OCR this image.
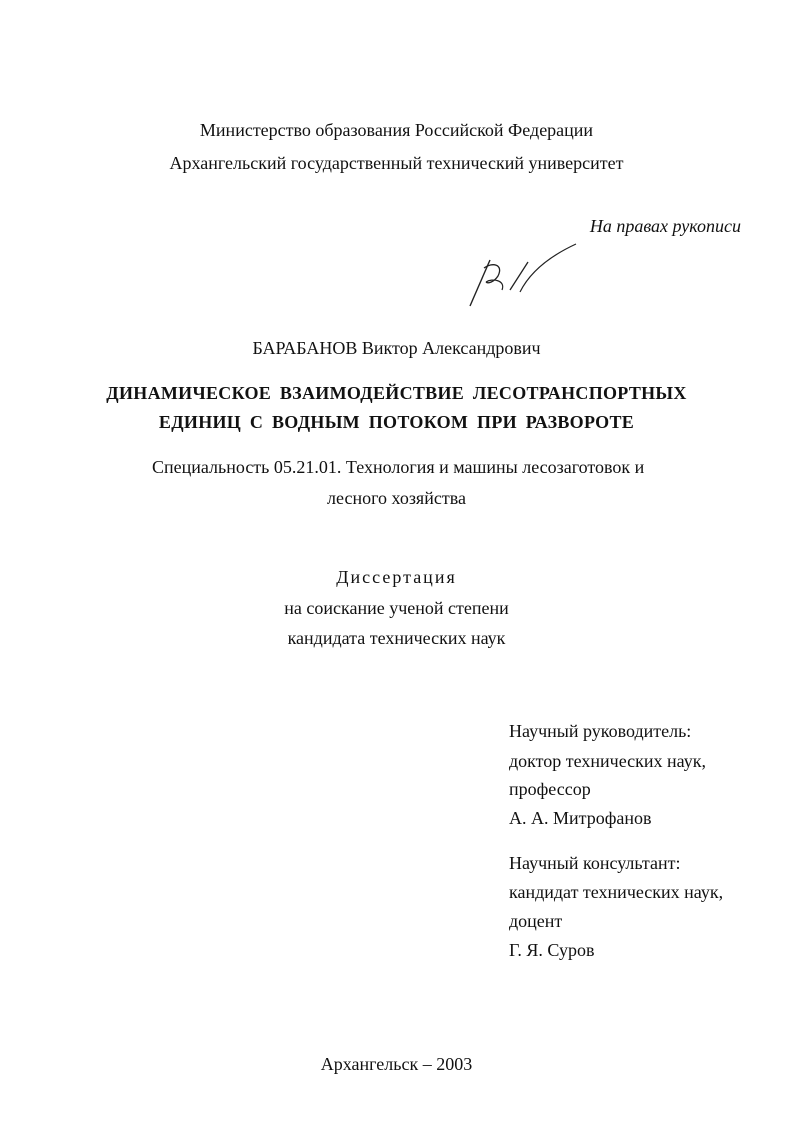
Министерство образования Российской Федерации
Архангельский государственный технический университет
На правах рукописи
БАРАБАНОВ Виктор Александрович
ДИНАМИЧЕСКОЕ ВЗАИМОДЕЙСТВИЕ ЛЕСОТРАНСПОРТНЫХ
ЕДИНИЦ С ВОДНЫМ ПОТОКОМ ПРИ РАЗВОРОТЕ
Специальность 05.21.01. Технология и машины лесозаготовок и
лесного хозяйства
Диссертация
на соискание ученой степени
кандидата технических наук
Научный руководитель:
доктор технических наук,
профессор
А. А. Митрофанов
Научный консультант:
кандидат технических наук,
доцент
Г. Я. Суров
Архангельск – 2003
